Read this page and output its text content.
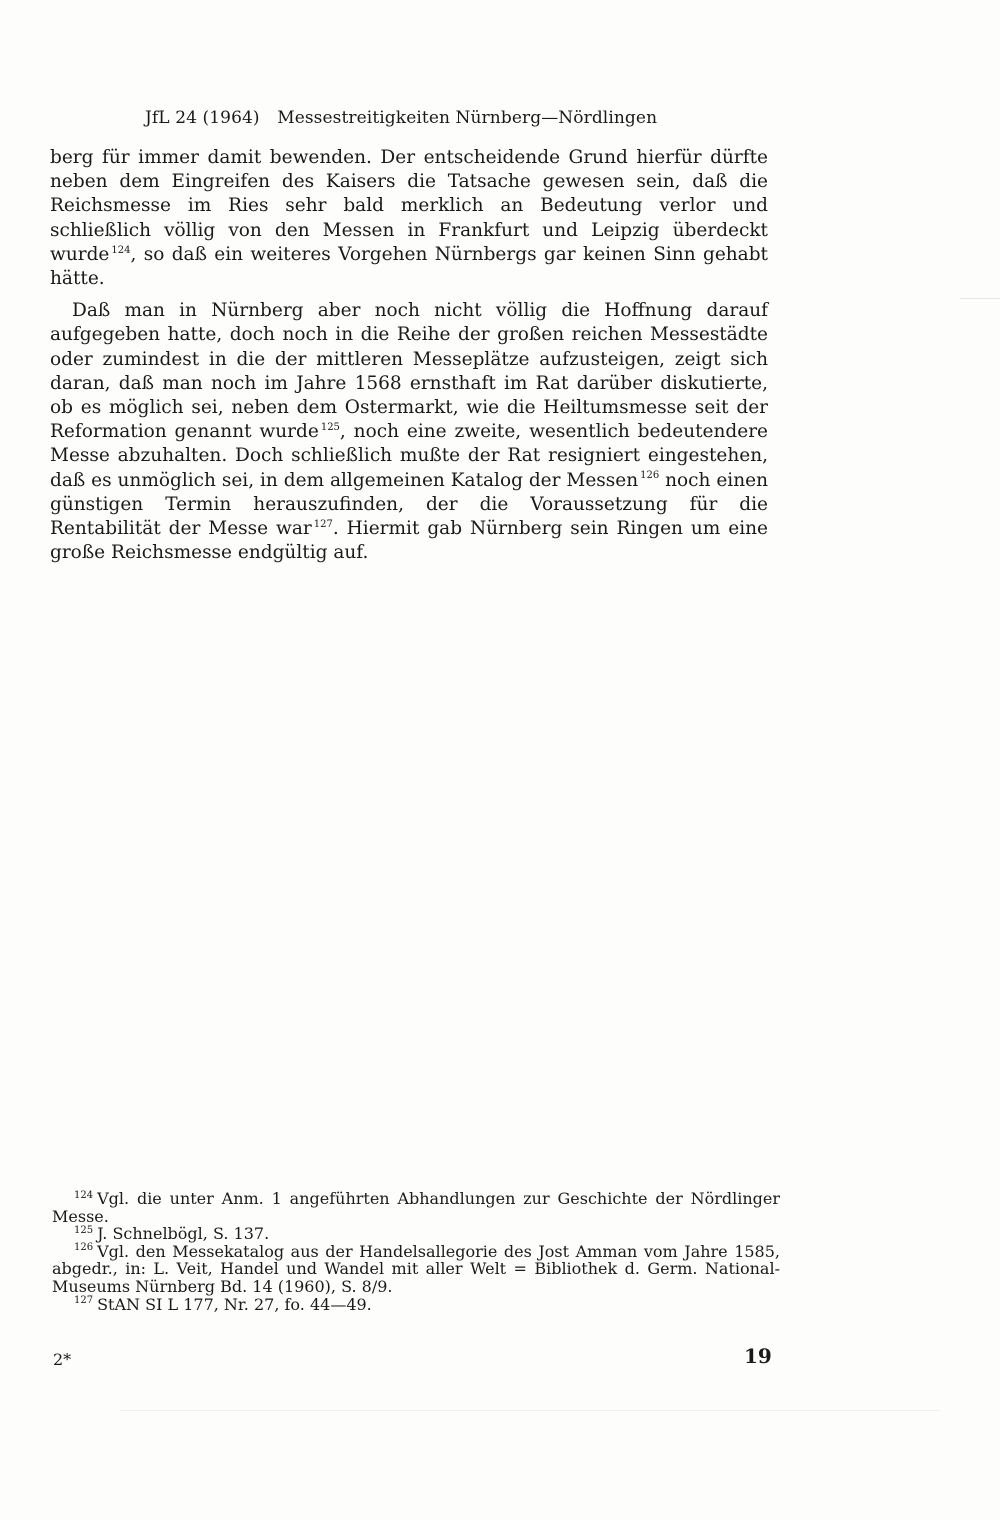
JfL 24 (1964) Messestreitigkeiten Nürnberg—Nördlingen

berg für immer damit bewenden. Der entscheidende Grund hierfür dürfte neben dem Eingreifen des Kaisers die Tatsache gewesen sein, daß die Reichsmesse im Ries sehr bald merklich an Bedeutung verlor und schließlich völlig von den Messen in Frankfurt und Leipzig überdeckt wurde $^{124}$, so daß ein weiteres Vorgehen Nürnbergs gar keinen Sinn gehabt hätte.

Daß man in Nürnberg aber noch nicht völlig die Hoffnung darauf aufgegeben hatte, doch noch in die Reihe der großen reichen Messestädte oder zumindest in die der mittleren Messeplätze aufzusteigen, zeigt sich daran, daß man noch im Jahre 1568 ernsthaft im Rat darüber diskutierte, ob es möglich sei, neben dem Ostermarkt, wie die Heiltumsmesse seit der Reformation genannt wurde $^{125}$, noch eine zweite, wesentlich bedeutendere Messe abzuhalten. Doch schließlich mußte der Rat resigniert eingestehen, daß es unmöglich sei, in dem allgemeinen Katalog der Messen $^{126}$ noch einen günstigen Termin herauszufinden, der die Voraussetzung für die Rentabilität der Messe war $^{127}$. Hiermit gab Nürnberg sein Ringen um eine große Reichsmesse endgültig auf.

$^{124}$ Vgl. die unter Anm. 1 angeführten Abhandlungen zur Geschichte der Nördlinger Messe.

$^{125}$ J. Schnelbögl, S. 137.

$^{126}$ Vgl. den Messekatalog aus der Handelsallegorie des Jost Amman vom Jahre 1585, abgedr., in: L. Veit, Handel und Wandel mit aller Welt = Bibliothek d. Germ. National-Museums Nürnberg Bd. 14 (1960), S. 8/9.

$^{127}$ StAN SI L 177, Nr. 27, fo. 44—49.

2*	19
